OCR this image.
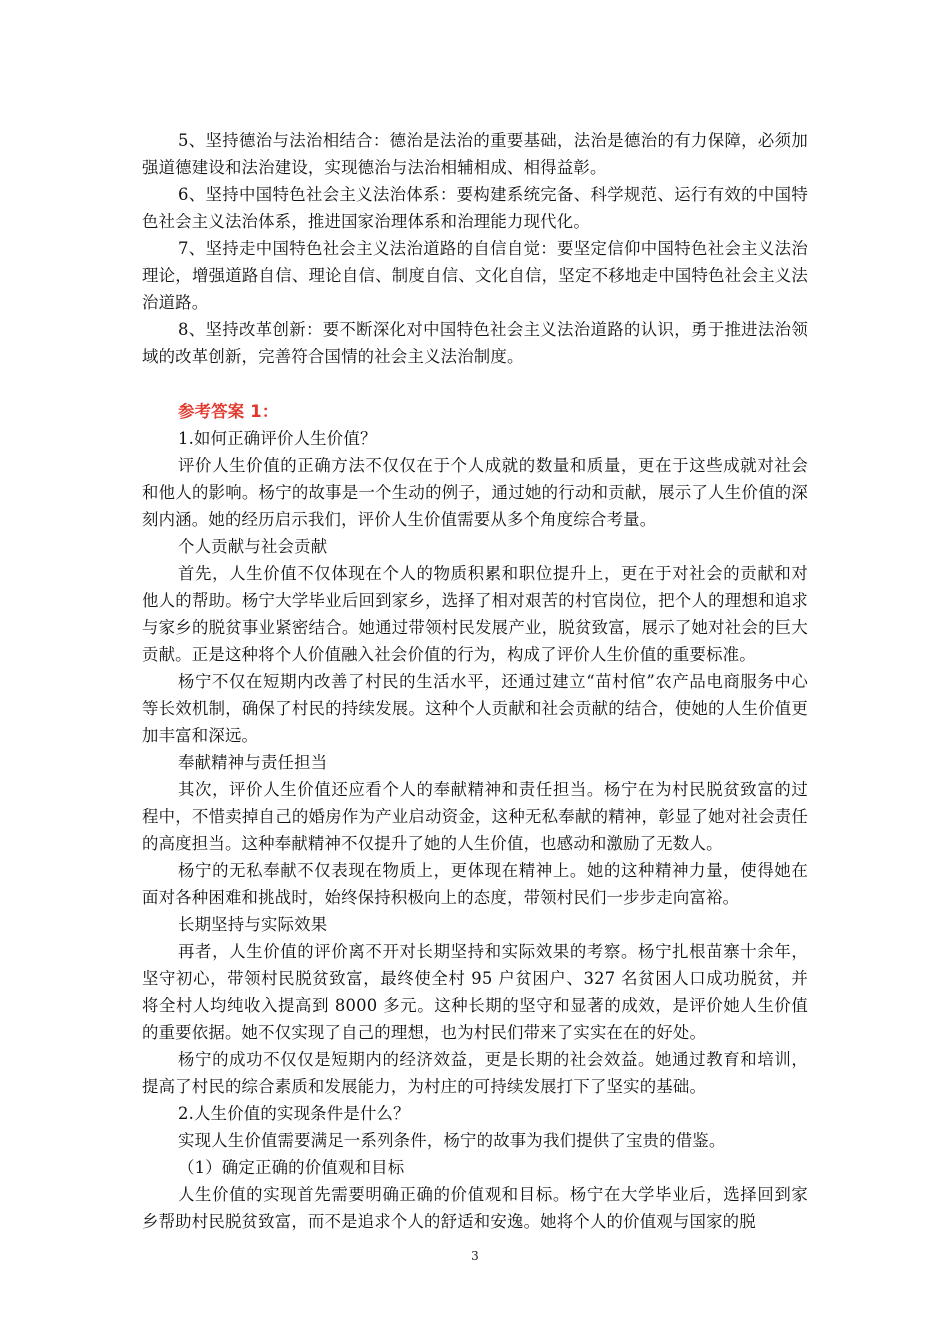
5、坚持德治与法治相结合：德治是法治的重要基础，法治是德治的有力保障，必须加强道德建设和法治建设，实现德治与法治相辅相成、相得益彰。

6、坚持中国特色社会主义法治体系：要构建系统完备、科学规范、运行有效的中国特色社会主义法治体系，推进国家治理体系和治理能力现代化。

7、坚持走中国特色社会主义法治道路的自信自觉：要坚定信仰中国特色社会主义法治理论，增强道路自信、理论自信、制度自信、文化自信，坚定不移地走中国特色社会主义法治道路。

8、坚持改革创新：要不断深化对中国特色社会主义法治道路的认识，勇于推进法治领域的改革创新，完善符合国情的社会主义法治制度。

参考答案 1：

1.如何正确评价人生价值？

评价人生价值的正确方法不仅仅在于个人成就的数量和质量，更在于这些成就对社会和他人的影响。杨宁的故事是一个生动的例子，通过她的行动和贡献，展示了人生价值的深刻内涵。她的经历启示我们，评价人生价值需要从多个角度综合考量。

个人贡献与社会贡献

首先，人生价值不仅体现在个人的物质积累和职位提升上，更在于对社会的贡献和对他人的帮助。杨宁大学毕业后回到家乡，选择了相对艰苦的村官岗位，把个人的理想和追求与家乡的脱贫事业紧密结合。她通过带领村民发展产业，脱贫致富，展示了她对社会的巨大贡献。正是这种将个人价值融入社会价值的行为，构成了评价人生价值的重要标准。

杨宁不仅在短期内改善了村民的生活水平，还通过建立“苗村倌”农产品电商服务中心等长效机制，确保了村民的持续发展。这种个人贡献和社会贡献的结合，使她的人生价值更加丰富和深远。

奉献精神与责任担当

其次，评价人生价值还应看个人的奉献精神和责任担当。杨宁在为村民脱贫致富的过程中，不惜卖掉自己的婚房作为产业启动资金，这种无私奉献的精神，彰显了她对社会责任的高度担当。这种奉献精神不仅提升了她的人生价值，也感动和激励了无数人。

杨宁的无私奉献不仅表现在物质上，更体现在精神上。她的这种精神力量，使得她在面对各种困难和挑战时，始终保持积极向上的态度，带领村民们一步步走向富裕。

长期坚持与实际效果

再者，人生价值的评价离不开对长期坚持和实际效果的考察。杨宁扎根苗寨十余年，坚守初心，带领村民脱贫致富，最终使全村 95 户贫困户、327 名贫困人口成功脱贫，并将全村人均纯收入提高到 8000 多元。这种长期的坚守和显著的成效，是评价她人生价值的重要依据。她不仅实现了自己的理想，也为村民们带来了实实在在的好处。

杨宁的成功不仅仅是短期内的经济效益，更是长期的社会效益。她通过教育和培训，提高了村民的综合素质和发展能力，为村庄的可持续发展打下了坚实的基础。

2.人生价值的实现条件是什么？

实现人生价值需要满足一系列条件，杨宁的故事为我们提供了宝贵的借鉴。

（1）确定正确的价值观和目标

人生价值的实现首先需要明确正确的价值观和目标。杨宁在大学毕业后，选择回到家乡帮助村民脱贫致富，而不是追求个人的舒适和安逸。她将个人的价值观与国家的脱

3
